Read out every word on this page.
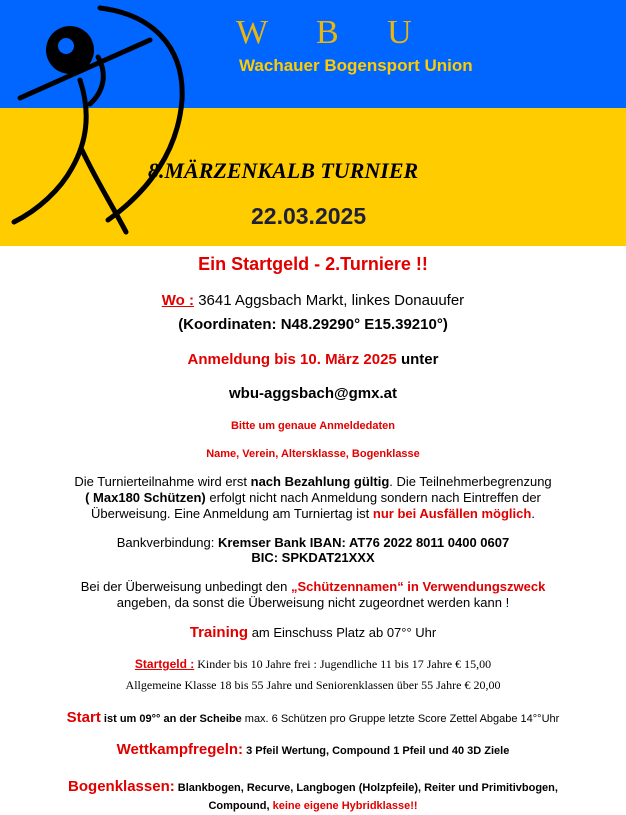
W B U
Wachauer Bogensport Union
8.MÄRZENKALB TURNIER
22.03.2025
Ein Startgeld - 2.Turniere !!
Wo : 3641 Aggsbach Markt, linkes Donauufer
(Koordinaten: N48.29290° E15.39210°)
Anmeldung bis 10. März 2025 unter
wbu-aggsbach@gmx.at
Bitte um genaue Anmeldedaten
Name, Verein, Altersklasse, Bogenklasse
Die Turnierteilnahme wird erst nach Bezahlung gültig. Die Teilnehmerbegrenzung
( Max180 Schützen) erfolgt nicht nach Anmeldung sondern nach Eintreffen der
Überweisung. Eine Anmeldung am Turniertag ist nur bei Ausfällen möglich.
Bankverbindung: Kremser Bank IBAN: AT76 2022 8011 0400 0607
BIC: SPKDAT21XXX
Bei der Überweisung unbedingt den „Schützennamen“ in Verwendungszweck
angeben, da sonst die Überweisung nicht zugeordnet werden kann !
Training am Einschuss Platz ab 07°° Uhr
Startgeld : Kinder bis 10 Jahre frei : Jugendliche 11 bis 17 Jahre € 15,00
Allgemeine Klasse 18 bis 55 Jahre und Seniorenklassen über 55 Jahre € 20,00
Start ist um 09°° an der Scheibe max. 6 Schützen pro Gruppe letzte Score Zettel Abgabe 14°°Uhr
Wettkampfregeln: 3 Pfeil Wertung, Compound 1 Pfeil und 40 3D Ziele
Bogenklassen: Blankbogen, Recurve, Langbogen (Holzpfeile), Reiter und Primitivbogen,
Compound, keine eigene Hybridklasse!!
